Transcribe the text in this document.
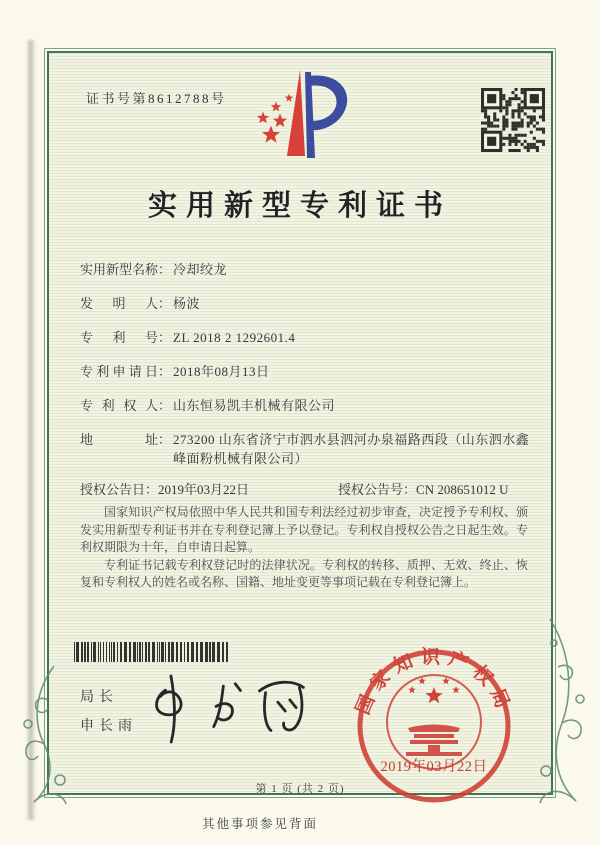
证书号第8612788号
实用新型专利证书
实用新型名称 ： 冷却绞龙
发明人 ： 杨波
专利号 ： ZL 2018 2 1292601.4
专利申请日 ： 2018年08月13日
专利权人 ： 山东恒易凯丰机械有限公司
地址 ： 273200 山东省济宁市泗水县泗河办泉福路西段（山东泗水鑫峰面粉机械有限公司）
授权公告日：2019年03月22日	授权公告号：CN 208651012 U

国家知识产权局依照中华人民共和国专利法经过初步审查，决定授予专利权、颁发实用新型专利证书并在专利登记簿上予以登记。专利权自授权公告之日起生效。专利权期限为十年，自申请日起算。

专利证书记载专利权登记时的法律状况。专利权的转移、质押、无效、终止、恢复和专利权人的姓名或名称、国籍、地址变更等事项记载在专利登记簿上。

局长
申长雨
国家知识产权局
2019年03月22日
第 1 页 (共 2 页)
其他事项参见背面
